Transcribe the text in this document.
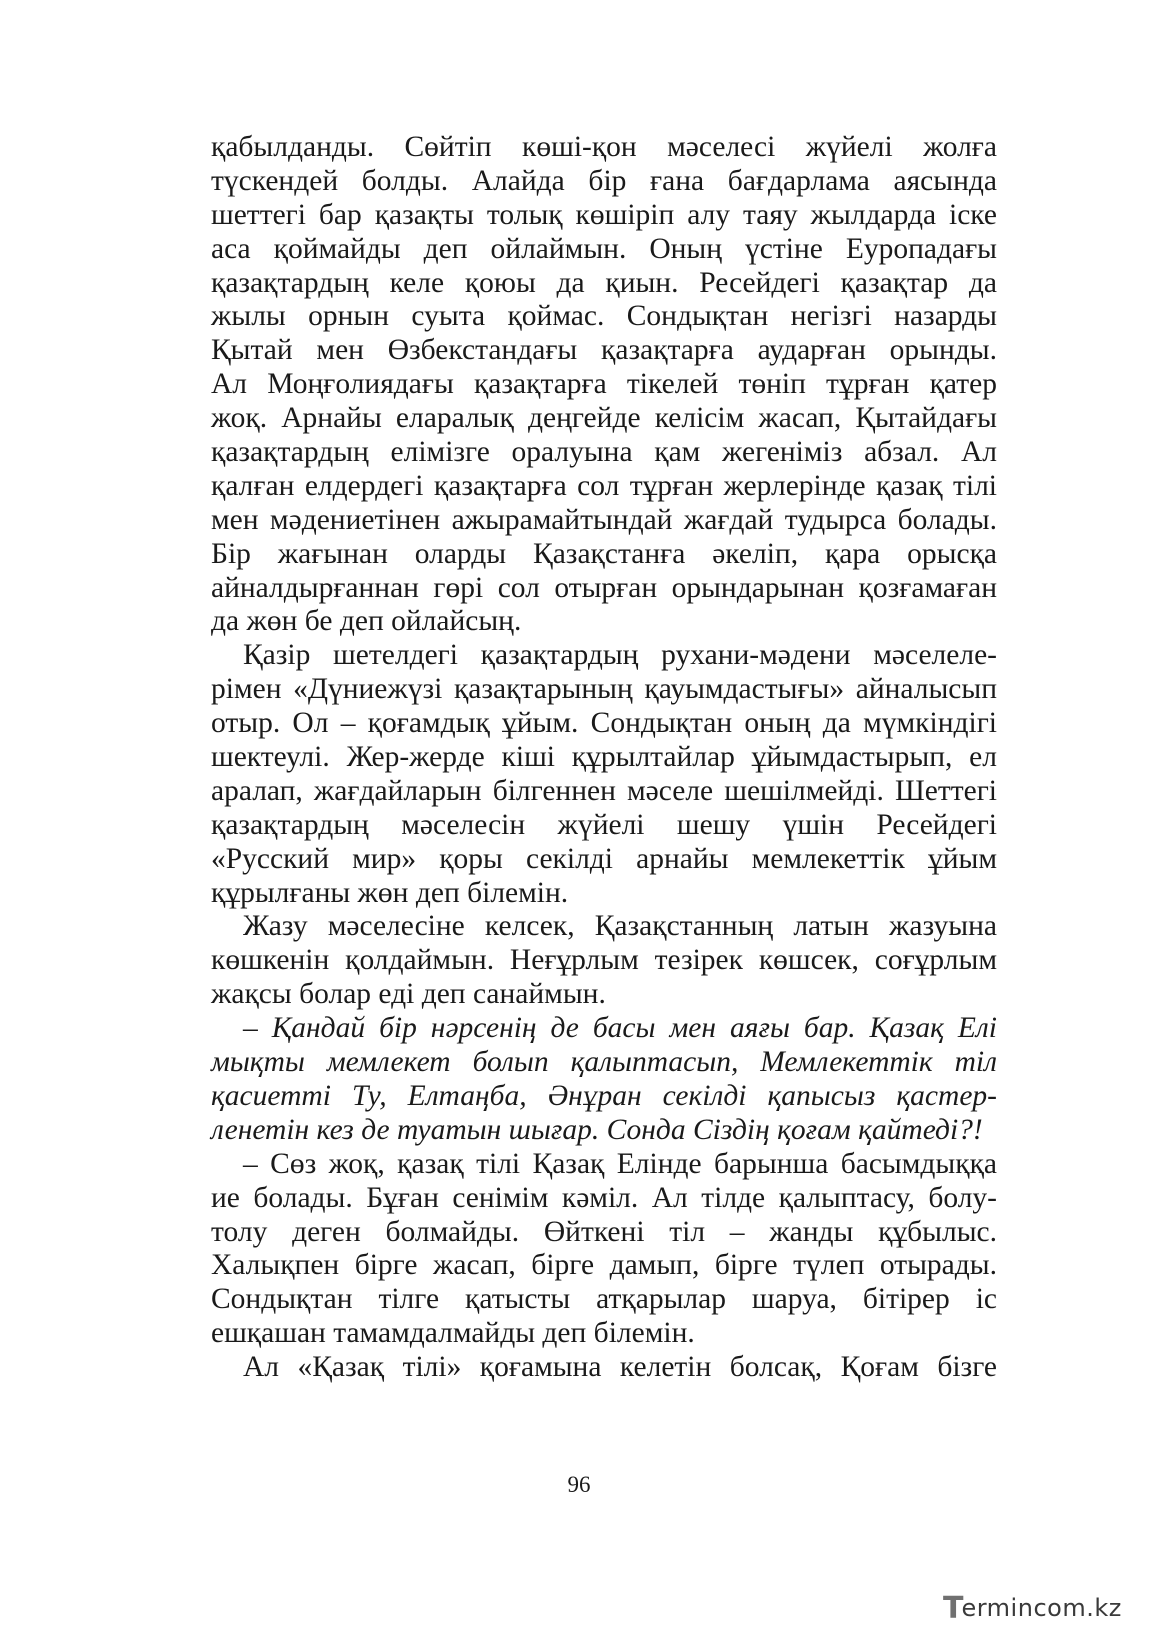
қабылданды. Сөйтіп көші-қон мәселесі жүйелі жолға
түскендей болды. Алайда бір ғана бағдарлама аясында
шеттегі бар қазақты толық көшіріп алу таяу жылдарда іске
аса қоймайды деп ойлаймын. Оның үстіне Еуропадағы
қазақтардың келе қоюы да қиын. Ресейдегі қазақтар да
жылы орнын суыта қоймас. Сондықтан негізгі назарды
Қытай мен Өзбекстандағы қазақтарға аударған орынды.
Ал Моңғолиядағы қазақтарға тікелей төніп тұрған қатер
жоқ. Арнайы еларалық деңгейде келісім жасап, Қытайдағы
қазақтардың елімізге оралуына қам жегеніміз абзал. Ал
қалған елдердегі қазақтарға сол тұрған жерлерінде қазақ тілі
мен мәдениетінен ажырамайтындай жағдай тудырса болады.
Бір жағынан оларды Қазақстанға әкеліп, қара орысқа
айналдырғаннан гөрі сол отырған орындарынан қозғамаған
да жөн бе деп ойлайсың.
Қазір шетелдегі қазақтардың рухани-мәдени мәселеле-
рімен «Дүниежүзі қазақтарының қауымдастығы» айналысып
отыр. Ол – қоғамдық ұйым. Сондықтан оның да мүмкіндігі
шектеулі. Жер-жерде кіші құрылтайлар ұйымдастырып, ел
аралап, жағдайларын білгеннен мәселе шешілмейді. Шеттегі
қазақтардың мәселесін жүйелі шешу үшін Ресейдегі
«Русский мир» қоры секілді арнайы мемлекеттік ұйым
құрылғаны жөн деп білемін.
Жазу мәселесіне келсек, Қазақстанның латын жазуына
көшкенін қолдаймын. Неғұрлым тезірек көшсек, соғұрлым
жақсы болар еді деп санаймын.
– Қандай бір нәрсенің де басы мен аяғы бар. Қазақ Елі
мықты мемлекет болып қалыптасып, Мемлекеттік тіл
қасиетті Ту, Елтаңба, Әнұран секілді қапысыз қастер-
ленетін кез де туатын шығар. Сонда Сіздің қоғам қайтеді?!
– Сөз жоқ, қазақ тілі Қазақ Елінде барынша басымдыққа
ие болады. Бұған сенімім кәміл. Ал тілде қалыптасу, болу-
толу деген болмайды. Өйткені тіл – жанды құбылыс.
Халықпен бірге жасап, бірге дамып, бірге түлеп отырады.
Сондықтан тілге қатысты атқарылар шаруа, бітірер іс
ешқашан тамамдалмайды деп білемін.
Ал «Қазақ тілі» қоғамына келетін болсақ, Қоғам бізге
96
T ermincom.kz
